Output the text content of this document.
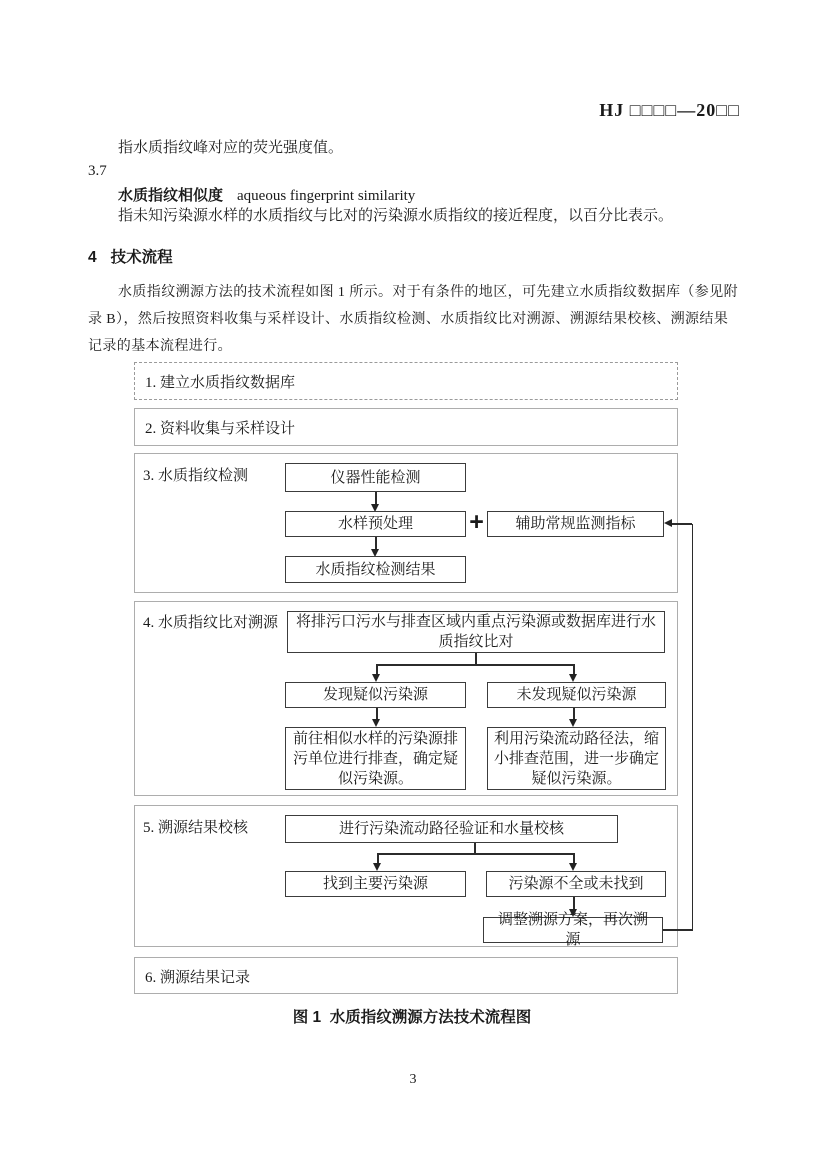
HJ □□□□—20□□
指水质指纹峰对应的荧光强度值。
3.7
水质指纹相似度 aqueous fingerprint similarity
指未知污染源水样的水质指纹与比对的污染源水质指纹的接近程度，以百分比表示。
4 技术流程
水质指纹溯源方法的技术流程如图 1 所示。对于有条件的地区，可先建立水质指纹数据库（参见附
录 B），然后按照资料收集与采样设计、水质指纹检测、水质指纹比对溯源、溯源结果校核、溯源结果
记录的基本流程进行。
1. 建立水质指纹数据库
2. 资料收集与采样设计
3. 水质指纹检测
4. 水质指纹比对溯源
5. 溯源结果校核
6. 溯源结果记录
仪器性能检测
水样预处理	+	辅助常规监测指标
水质指纹检测结果
将排污口污水与排查区域内重点污染源或数据库进行水质指纹比对
发现疑似污染源	未发现疑似污染源
前往相似水样的污染源排污单位进行排查，确定疑似污染源。
利用污染流动路径法，缩小排查范围，进一步确定疑似污染源。
进行污染流动路径验证和水量校核
找到主要污染源	污染源不全或未找到
调整溯源方案，再次溯源
图 1  水质指纹溯源方法技术流程图
3
